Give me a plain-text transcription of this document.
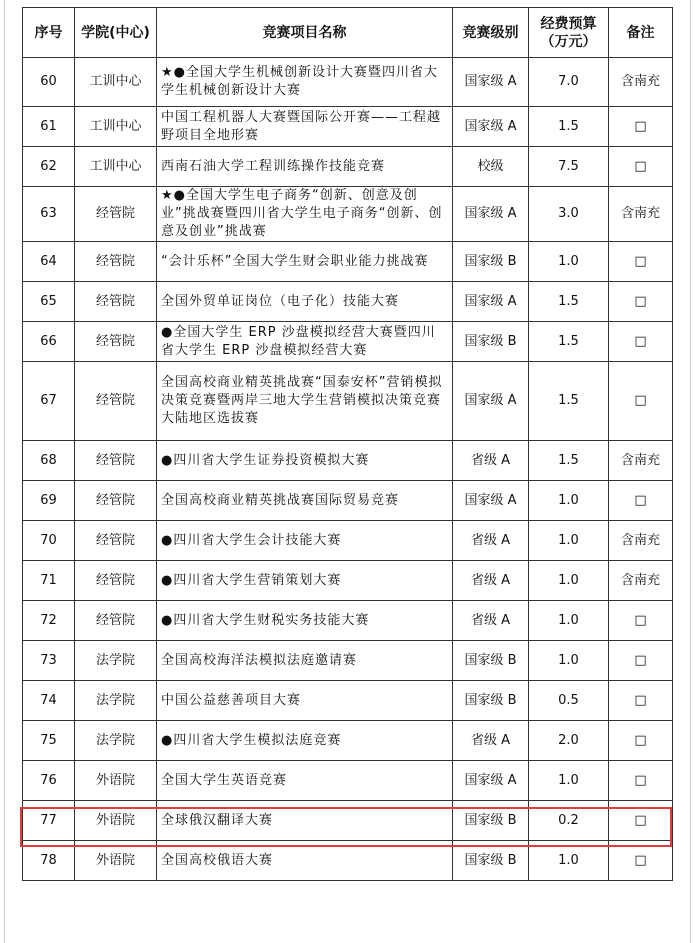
序号	学院(中心)	竞赛项目名称	竞赛级别	经费预算（万元）	备注
60	工训中心	★●全国大学生机械创新设计大赛暨四川省大学生机械创新设计大赛	国家级 A	7.0	含南充
61	工训中心	中国工程机器人大赛暨国际公开赛——工程越野项目全地形赛	国家级 A	1.5	□
62	工训中心	西南石油大学工程训练操作技能竞赛	校级	7.5	□
63	经管院	★●全国大学生电子商务“创新、创意及创业”挑战赛暨四川省大学生电子商务“创新、创意及创业”挑战赛	国家级 A	3.0	含南充
64	经管院	“会计乐杯”全国大学生财会职业能力挑战赛	国家级 B	1.0	□
65	经管院	全国外贸单证岗位（电子化）技能大赛	国家级 A	1.5	□
66	经管院	●全国大学生 ERP 沙盘模拟经营大赛暨四川省大学生 ERP 沙盘模拟经营大赛	国家级 B	1.5	□
67	经管院	全国高校商业精英挑战赛“国泰安杯”营销模拟决策竞赛暨两岸三地大学生营销模拟决策竞赛大陆地区选拔赛	国家级 A	1.5	□
68	经管院	●四川省大学生证券投资模拟大赛	省级 A	1.5	含南充
69	经管院	全国高校商业精英挑战赛国际贸易竞赛	国家级 A	1.0	□
70	经管院	●四川省大学生会计技能大赛	省级 A	1.0	含南充
71	经管院	●四川省大学生营销策划大赛	省级 A	1.0	含南充
72	经管院	●四川省大学生财税实务技能大赛	省级 A	1.0	□
73	法学院	全国高校海洋法模拟法庭邀请赛	国家级 B	1.0	□
74	法学院	中国公益慈善项目大赛	国家级 B	0.5	□
75	法学院	●四川省大学生模拟法庭竞赛	省级 A	2.0	□
76	外语院	全国大学生英语竞赛	国家级 A	1.0	□
77	外语院	全球俄汉翻译大赛	国家级 B	0.2	□
78	外语院	全国高校俄语大赛	国家级 B	1.0	□
